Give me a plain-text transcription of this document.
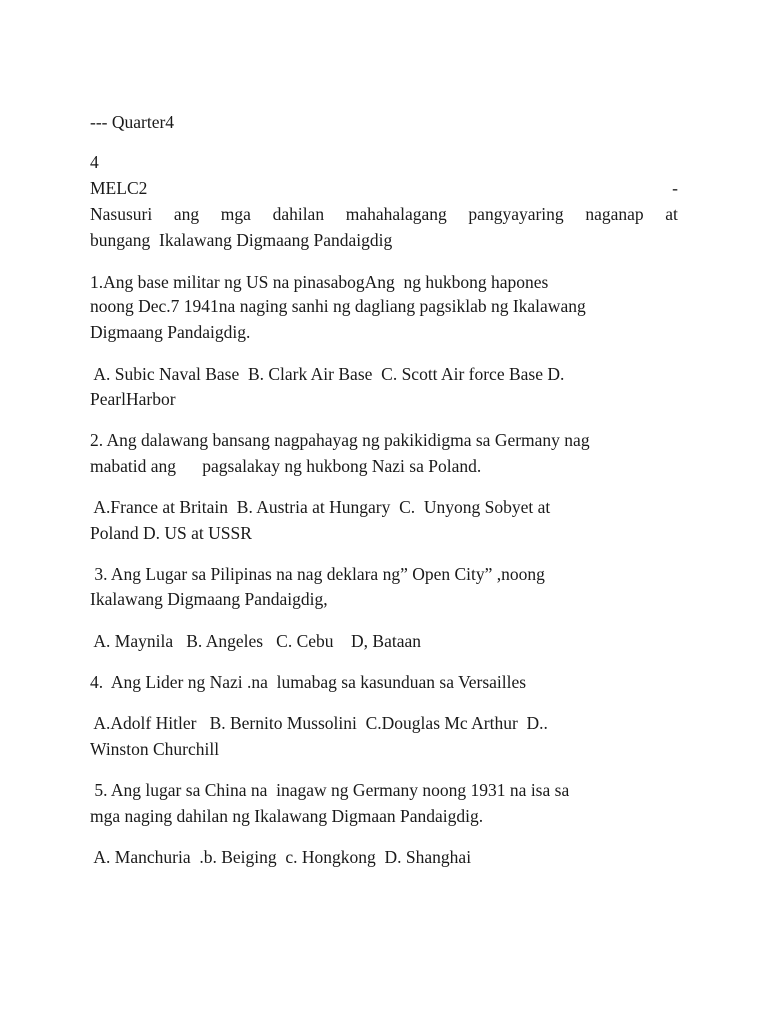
--- Quarter4
4
MELC2	-
Nasusuri ang mga dahilan mahahalagang pangyayaring naganap at
bungang  Ikalawang Digmaang Pandaigdig
1.Ang base militar ng US na pinasabogAng  ng hukbong hapones
noong Dec.7 1941na naging sanhi ng dagliang pagsiklab ng Ikalawang
Digmaang Pandaigdig.
A. Subic Naval Base  B. Clark Air Base  C. Scott Air force Base D.
PearlHarbor
2. Ang dalawang bansang nagpahayag ng pakikidigma sa Germany nag
mabatid ang      pagsalakay ng hukbong Nazi sa Poland.
A.France at Britain  B. Austria at Hungary  C.  Unyong Sobyet at
Poland D. US at USSR
3. Ang Lugar sa Pilipinas na nag deklara ng” Open City” ,noong
Ikalawang Digmaang Pandaigdig,
A. Maynila   B. Angeles   C. Cebu    D, Bataan
4.  Ang Lider ng Nazi .na  lumabag sa kasunduan sa Versailles
A.Adolf Hitler   B. Bernito Mussolini  C.Douglas Mc Arthur  D..
Winston Churchill
5. Ang lugar sa China na  inagaw ng Germany noong 1931 na isa sa
mga naging dahilan ng Ikalawang Digmaan Pandaigdig.
A. Manchuria  .b. Beiging  c. Hongkong  D. Shanghai
